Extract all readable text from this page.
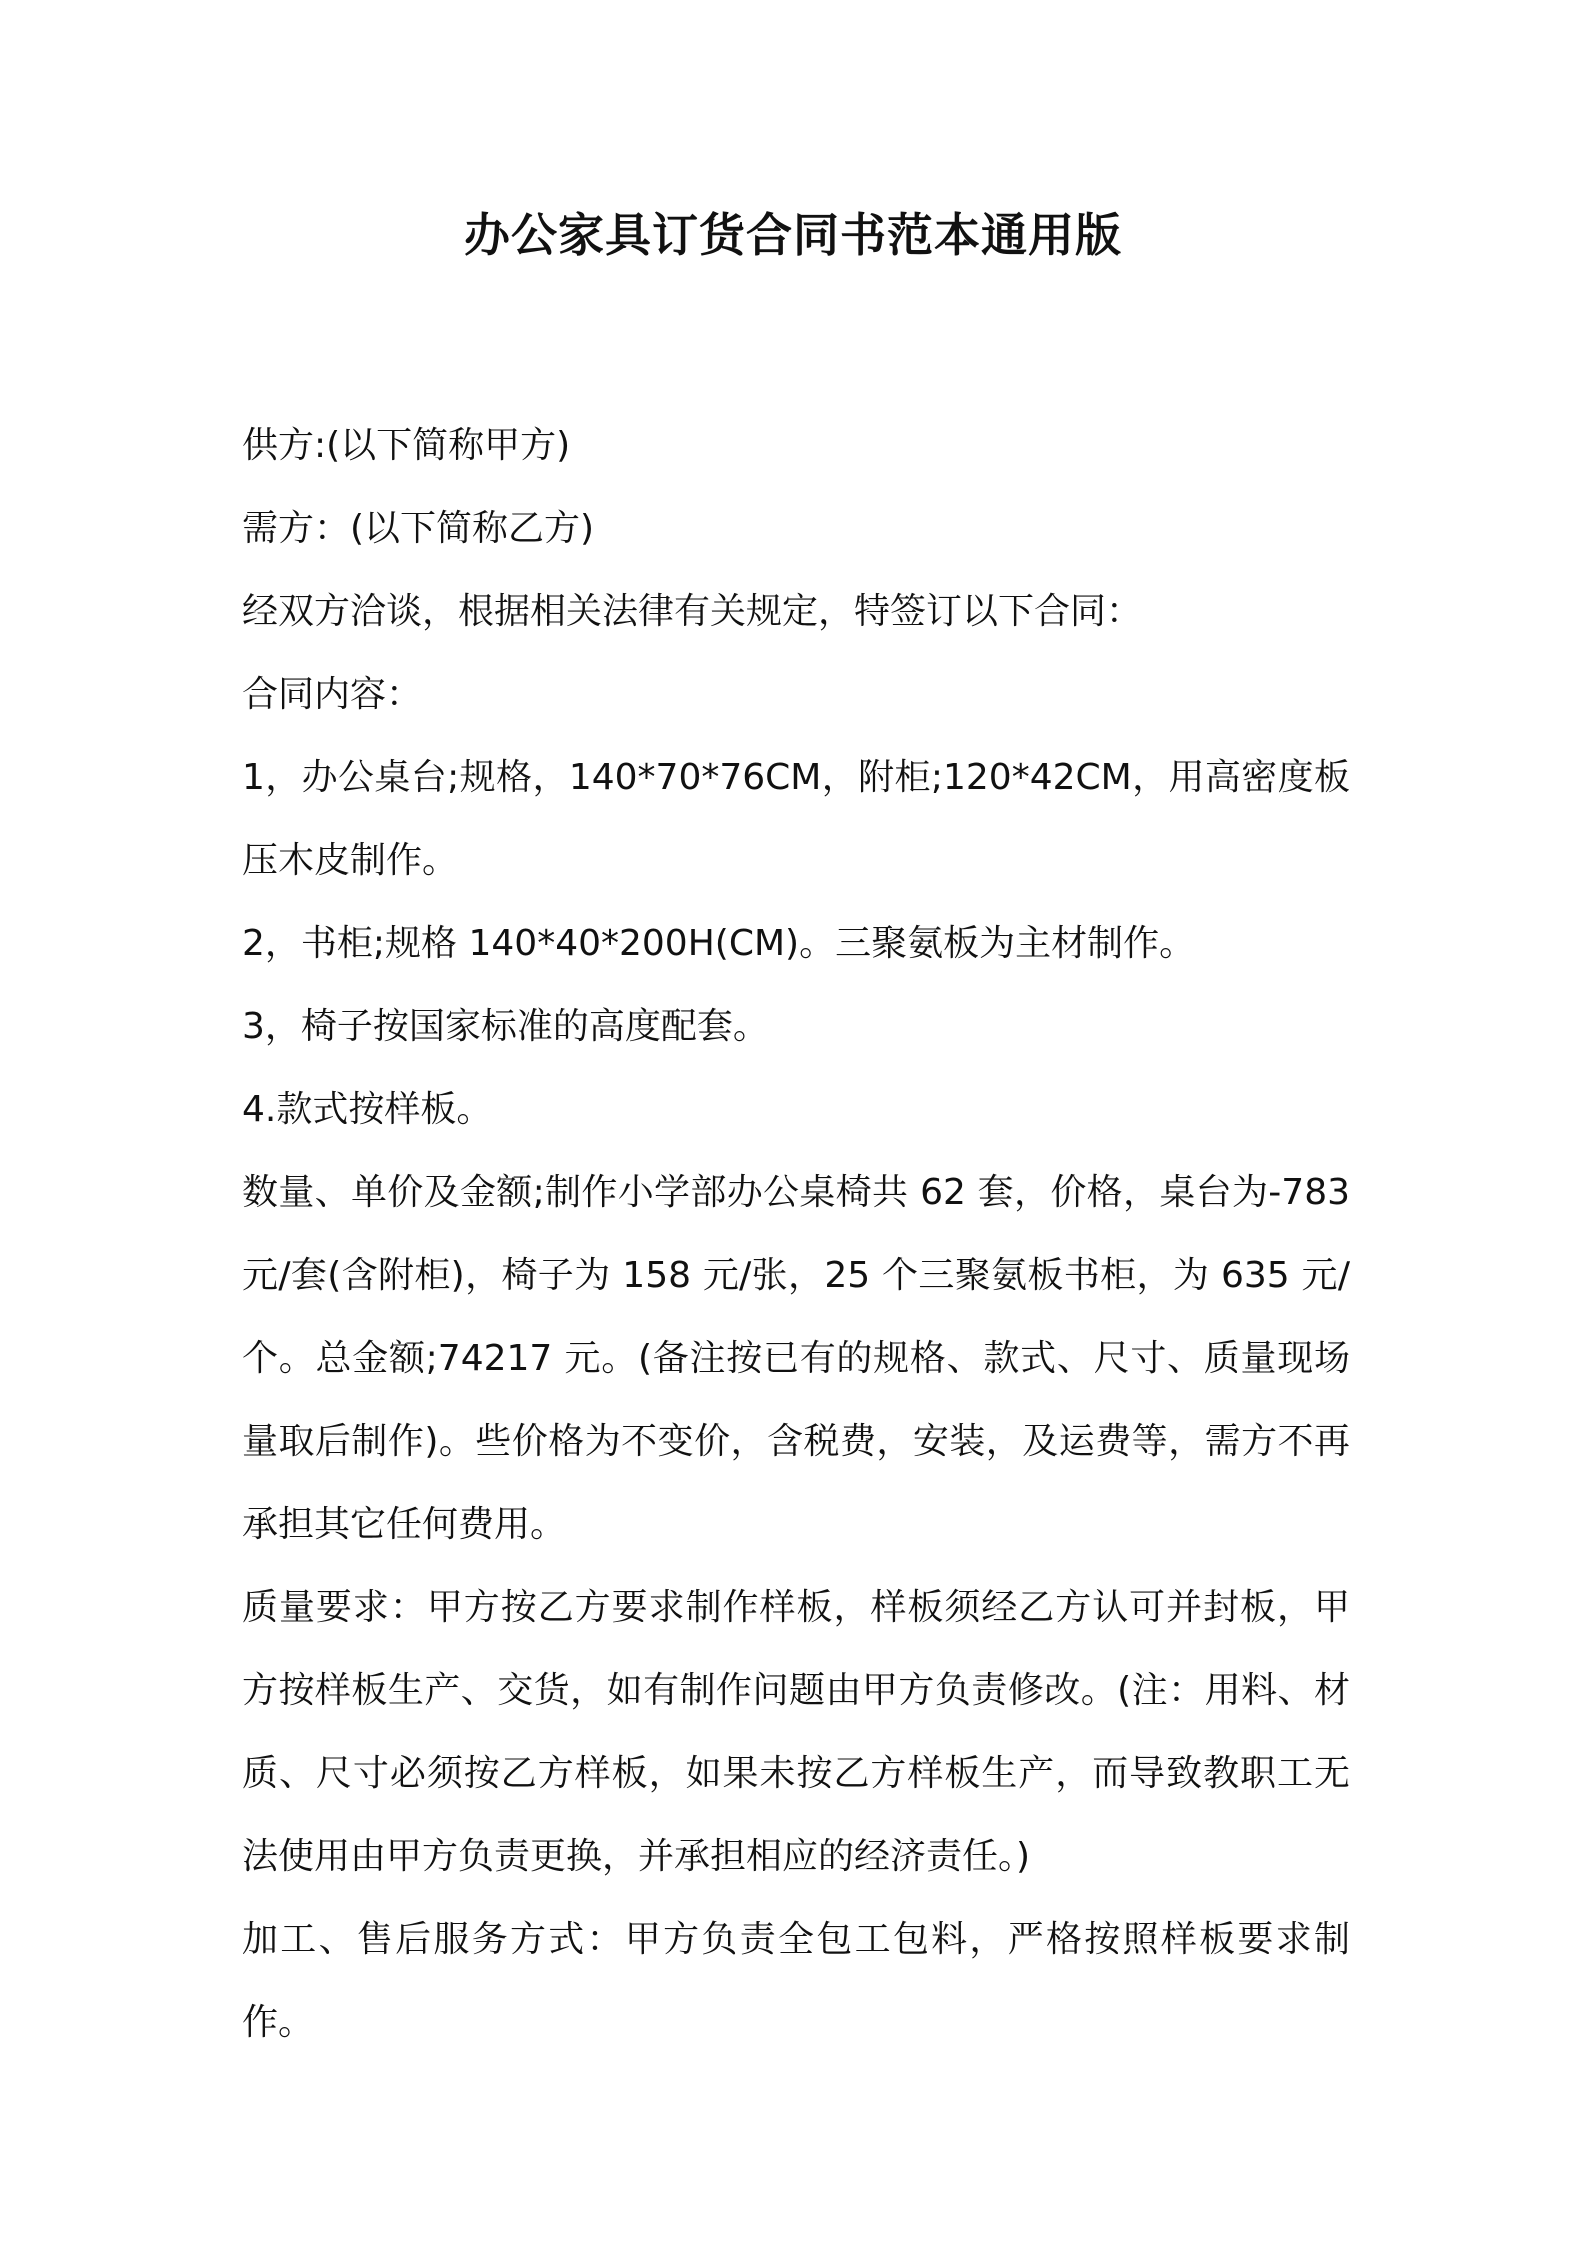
办公家具订货合同书范本通用版

供方:(以下简称甲方)

需方：(以下简称乙方)

经双方洽谈，根据相关法律有关规定，特签订以下合同：

合同内容：

1，办公桌台;规格，140*70*76CM，附柜;120*42CM，用高密度板压木皮制作。

2，书柜;规格 140*40*200H(CM)。三聚氨板为主材制作。

3，椅子按国家标准的高度配套。

4.款式按样板。

数量、单价及金额;制作小学部办公桌椅共 62 套，价格，桌台为-783 元/套(含附柜)，椅子为 158 元/张，25 个三聚氨板书柜，为 635 元/个。总金额;74217 元。(备注按已有的规格、款式、尺寸、质量现场量取后制作)。些价格为不变价，含税费，安装，及运费等，需方不再承担其它任何费用。

质量要求：甲方按乙方要求制作样板，样板须经乙方认可并封板，甲方按样板生产、交货，如有制作问题由甲方负责修改。(注：用料、材质、尺寸必须按乙方样板，如果未按乙方样板生产，而导致教职工无法使用由甲方负责更换，并承担相应的经济责任。)

加工、售后服务方式：甲方负责全包工包料，严格按照样板要求制作。
